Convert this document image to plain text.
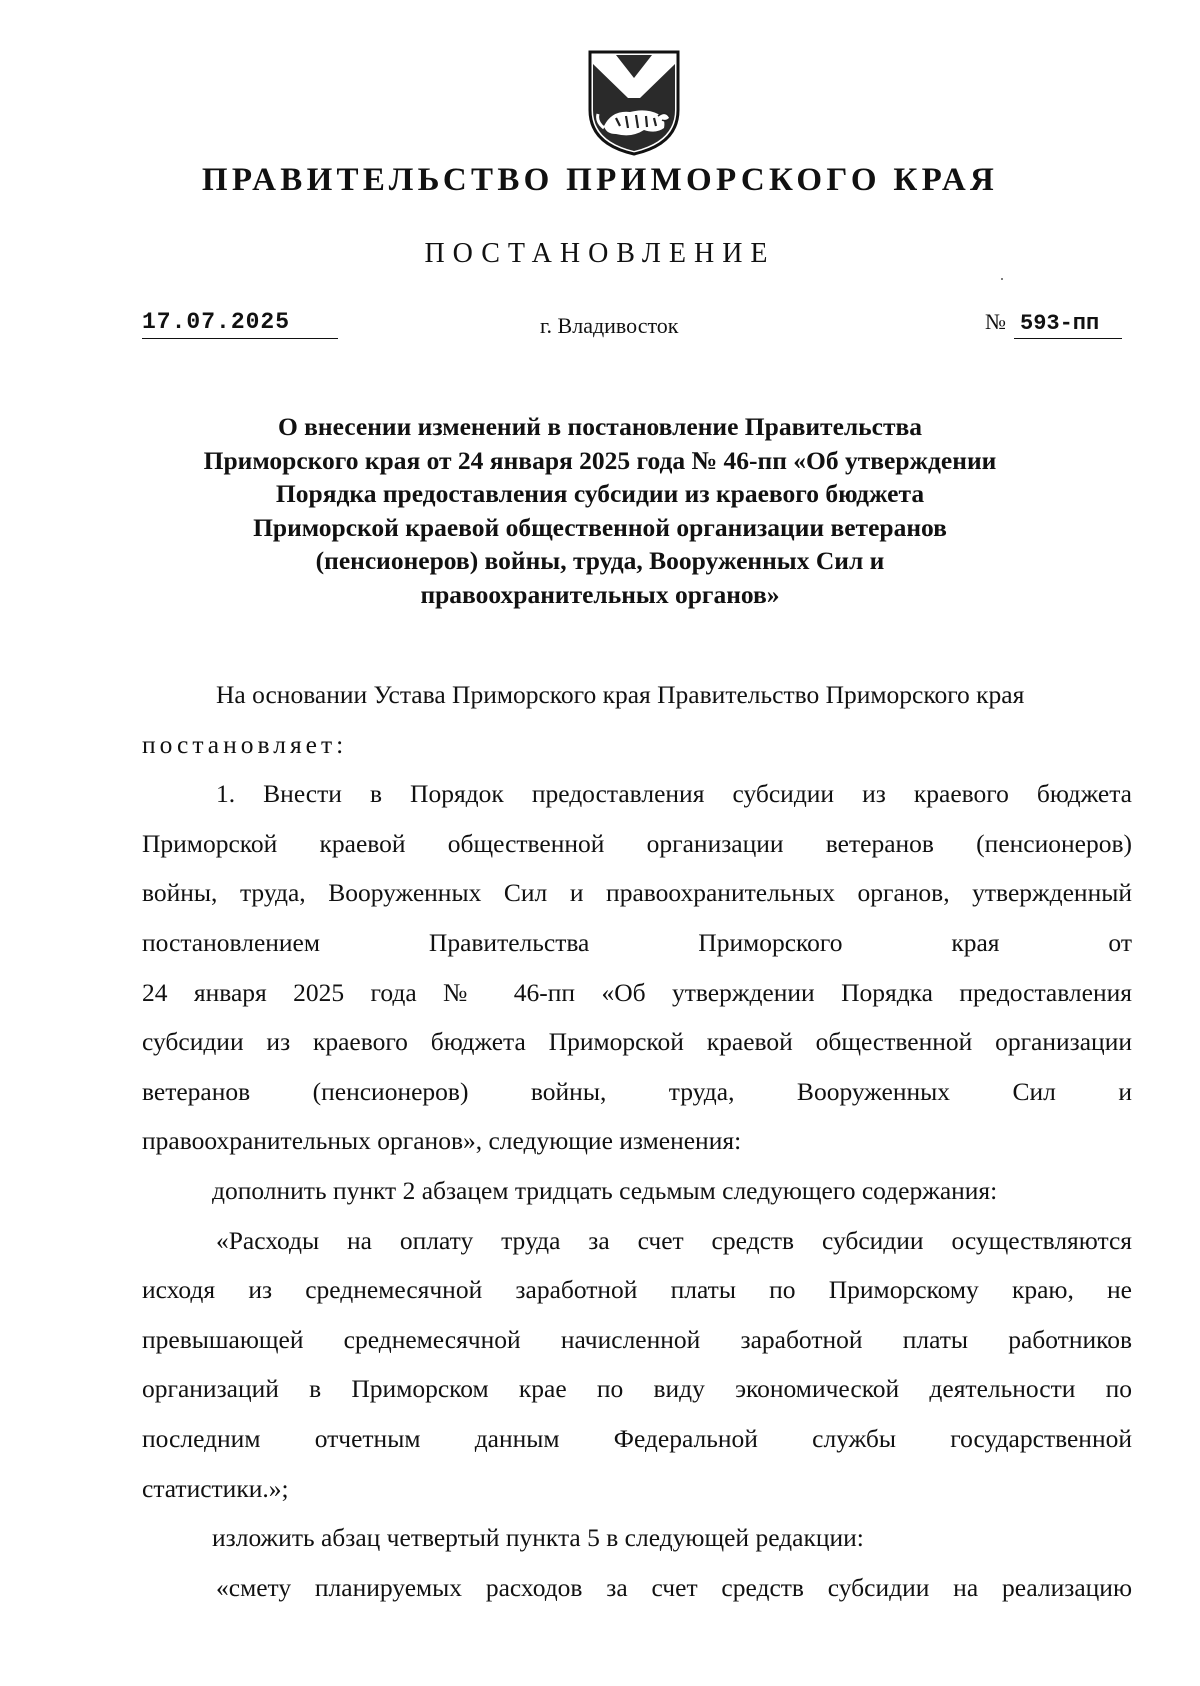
ПРАВИТЕЛЬСТВО ПРИМОРСКОГО КРАЯ
ПОСТАНОВЛЕНИЕ
17.07.2025	г. Владивосток	№ 593-пп
О внесении изменений в постановление Правительства Приморского края от 24 января 2025 года № 46-пп «Об утверждении Порядка предоставления субсидии из краевого бюджета Приморской краевой общественной организации ветеранов (пенсионеров) войны, труда, Вооруженных Сил и правоохранительных органов»

На основании Устава Приморского края Правительство Приморского края

постановляет:

1. Внести в Порядок предоставления субсидии из краевого бюджета
Приморской краевой общественной организации ветеранов (пенсионеров)
войны, труда, Вооруженных Сил и правоохранительных органов, утвержденный
постановлением Правительства Приморского края от
24 января 2025 года № 46-пп «Об утверждении Порядка предоставления
субсидии из краевого бюджета Приморской краевой общественной организации
ветеранов (пенсионеров) войны, труда, Вооруженных Сил и
правоохранительных органов», следующие изменения:

дополнить пункт 2 абзацем тридцать седьмым следующего содержания:

«Расходы на оплату труда за счет средств субсидии осуществляются
исходя из среднемесячной заработной платы по Приморскому краю, не
превышающей среднемесячной начисленной заработной платы работников
организаций в Приморском крае по виду экономической деятельности по
последним отчетным данным Федеральной службы государственной
статистики.»;

изложить абзац четвертый пункта 5 в следующей редакции:

«смету планируемых расходов за счет средств субсидии на реализацию
